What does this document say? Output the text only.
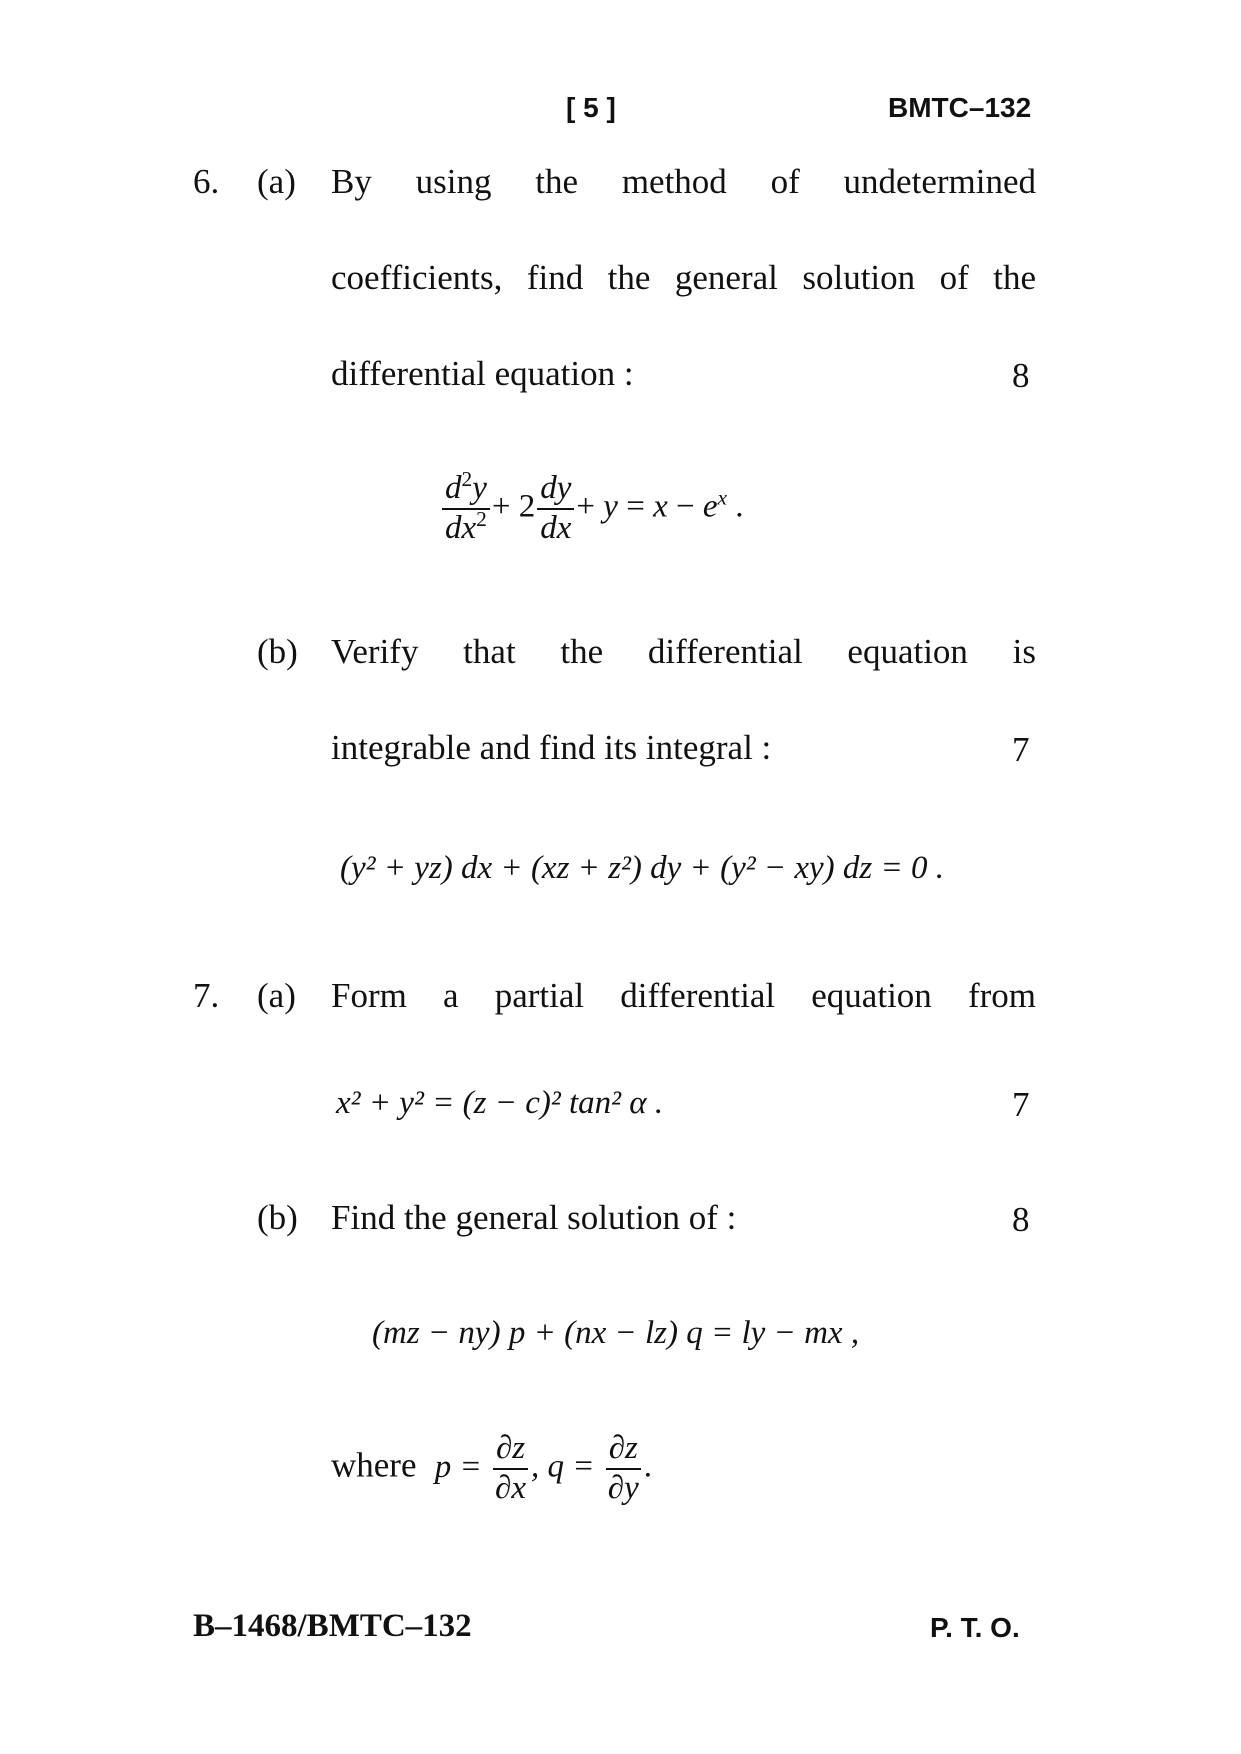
[ 5 ]	BMTC–132
6. (a) By using the method of undetermined
coefficients, find the general solution of the
differential equation :	8
$\frac{d^2y}{dx^2} + 2 \frac{dy}{dx} + y = x - e^x$ .
(b) Verify that the differential equation is
integrable and find its integral :	7
(y² + yz) dx + (xz + z²) dy + (y² − xy) dz = 0 .
7. (a) Form a partial differential equation from
x² + y² = (z − c)² tan² α .	7
(b) Find the general solution of :	8
(mz − ny) p + (nx − lz) q = ly − mx ,
where $p = \frac{\partial z}{\partial x}$ , $q = \frac{\partial z}{\partial y}$ .
B–1468/BMTC–132	P. T. O.
